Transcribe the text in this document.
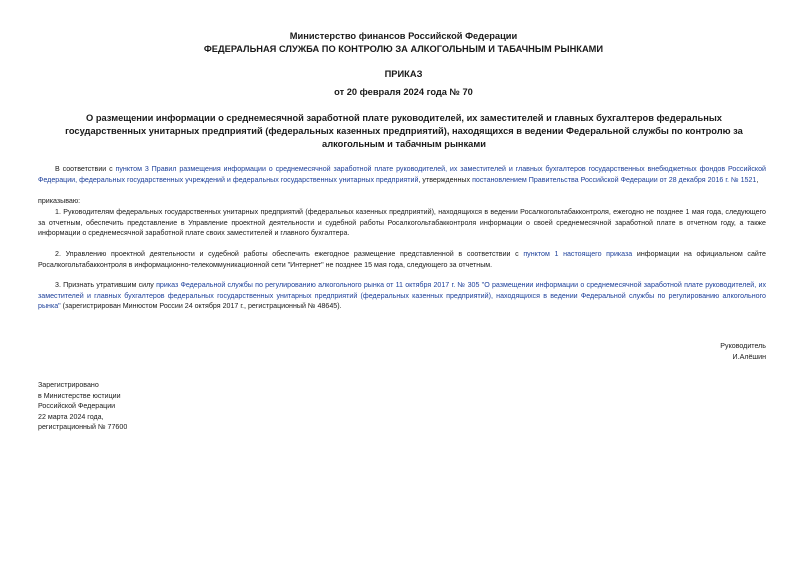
Министерство финансов Российской Федерации
ФЕДЕРАЛЬНАЯ СЛУЖБА ПО КОНТРОЛЮ ЗА АЛКОГОЛЬНЫМ И ТАБАЧНЫМ РЫНКАМИ
ПРИКАЗ
от 20 февраля 2024 года № 70
О размещении информации о среднемесячной заработной плате руководителей, их заместителей и главных бухгалтеров федеральных государственных унитарных предприятий (федеральных казенных предприятий), находящихся в ведении Федеральной службы по контролю за алкогольным и табачным рынками
В соответствии с пунктом 3 Правил размещения информации о среднемесячной заработной плате руководителей, их заместителей и главных бухгалтеров государственных внебюджетных фондов Российской Федерации, федеральных государственных учреждений и федеральных государственных унитарных предприятий, утвержденных постановлением Правительства Российской Федерации от 28 декабря 2016 г. № 1521,
приказываю:
1. Руководителям федеральных государственных унитарных предприятий (федеральных казенных предприятий), находящихся в ведении Росалкогольтабакконтроля, ежегодно не позднее 1 мая года, следующего за отчетным, обеспечить представление в Управление проектной деятельности и судебной работы Росалкогольтабакконтроля информации о своей среднемесячной заработной плате в отчетном году, а также информации о среднемесячной заработной плате своих заместителей и главного бухгалтера.
2. Управлению проектной деятельности и судебной работы обеспечить ежегодное размещение представленной в соответствии с пунктом 1 настоящего приказа информации на официальном сайте Росалкогольтабакконтроля в информационно-телекоммуникационной сети "Интернет" не позднее 15 мая года, следующего за отчетным.
3. Признать утратившим силу приказ Федеральной службы по регулированию алкогольного рынка от 11 октября 2017 г. № 305 "О размещении информации о среднемесячной заработной плате руководителей, их заместителей и главных бухгалтеров федеральных государственных унитарных предприятий (федеральных казенных предприятий), находящихся в ведении Федеральной службы по регулированию алкогольного рынка" (зарегистрирован Минюстом России 24 октября 2017 г., регистрационный № 48645).
Руководитель
И.Алёшин
Зарегистрировано
в Министерстве юстиции
Российской Федерации
22 марта 2024 года,
регистрационный № 77600
